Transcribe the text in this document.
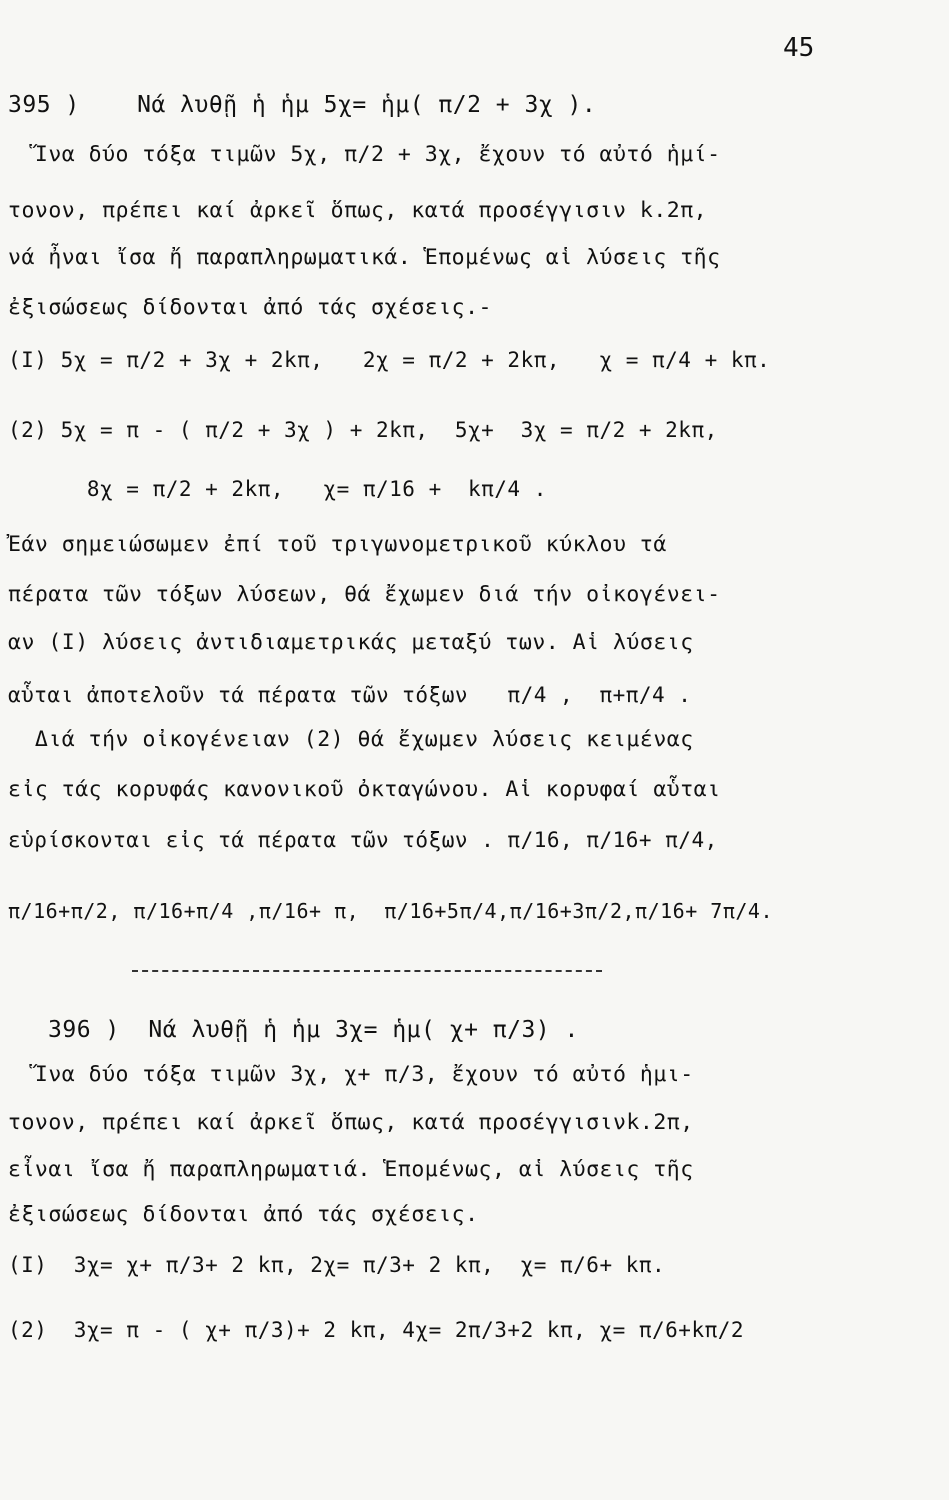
45
395 )    Νά λυθῇ ἡ ἡμ 5χ= ἡμ( π/2 + 3χ ).
Ἵνα δύο τόξα τιμῶν 5χ, π/2 + 3χ, ἔχουν τό αὐτό ἡμί-
τονον, πρέπει καί ἀρκεῖ ὅπως, κατά προσέγγισιν k.2π,
νά ἦναι ἴσα ἤ παραπληρωματικά. Ἑπομένως αἱ λύσεις τῆς
ἐξισώσεως δίδονται ἀπό τάς σχέσεις.-
(I) 5χ = π/2 + 3χ + 2kπ,   2χ = π/2 + 2kπ,   χ = π/4 + kπ.
(2) 5χ = π - ( π/2 + 3χ ) + 2kπ,  5χ+  3χ = π/2 + 2kπ,
8χ = π/2 + 2kπ,   χ= π/16 +  kπ/4 .
Ἐάν σημειώσωμεν ἐπί τοῦ τριγωνομετρικοῦ κύκλου τά
πέρατα τῶν τόξων λύσεων, θά ἔχωμεν διά τήν οἰκογένει-
αν (I) λύσεις ἀντιδιαμετρικάς μεταξύ των. Αἱ λύσεις
αὗται ἀποτελοῦν τά πέρατα τῶν τόξων   π/4 ,  π+π/4 .
Διά τήν οἰκογένειαν (2) θά ἔχωμεν λύσεις κειμένας
εἰς τάς κορυφάς κανονικοῦ ὀκταγώνου. Αἱ κορυφαί αὗται
εὑρίσκονται εἰς τά πέρατα τῶν τόξων . π/16, π/16+ π/4,
π/16+π/2, π/16+π/4 ,π/16+ π,  π/16+5π/4,π/16+3π/2,π/16+ 7π/4.
396 )  Νά λυθῇ ἡ ἡμ 3χ= ἡμ( χ+ π/3) .
Ἵνα δύο τόξα τιμῶν 3χ, χ+ π/3, ἔχουν τό αὐτό ἡμι-
τονον, πρέπει καί ἀρκεῖ ὅπως, κατά προσέγγισινk.2π,
εἶναι ἴσα ἤ παραπληρωματιά. Ἑπομένως, αἱ λύσεις τῆς
ἐξισώσεως δίδονται ἀπό τάς σχέσεις.
(I)  3χ= χ+ π/3+ 2 kπ, 2χ= π/3+ 2 kπ,  χ= π/6+ kπ.
(2)  3χ= π - ( χ+ π/3)+ 2 kπ, 4χ= 2π/3+2 kπ, χ= π/6+kπ/2
